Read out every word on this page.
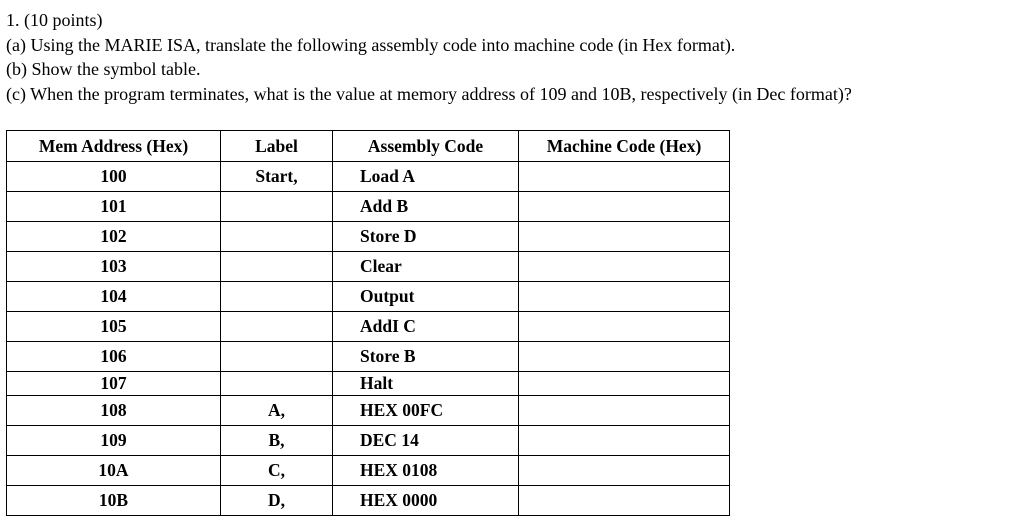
1. (10 points)
(a) Using the MARIE ISA, translate the following assembly code into machine code (in Hex format).
(b) Show the symbol table.
(c) When the program terminates, what is the value at memory address of 109 and 10B, respectively (in Dec format)?
Mem Address (Hex)	Label	Assembly Code	Machine Code (Hex)
100	Start,	Load A	
101		Add B	
102		Store D	
103		Clear	
104		Output	
105		AddI C	
106		Store B	
107		Halt	
108	A,	HEX 00FC	
109	B,	DEC 14	
10A	C,	HEX 0108	
10B	D,	HEX 0000	
